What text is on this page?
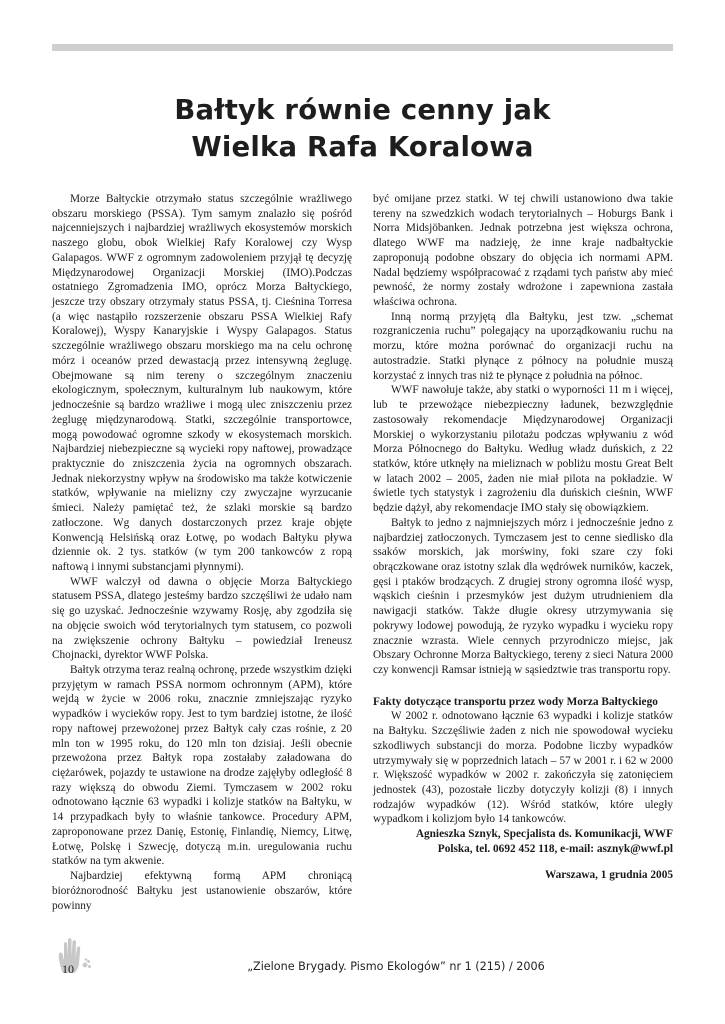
Bałtyk równie cenny jak
Wielka Rafa Koralowa

Morze Bałtyckie otrzymało status szczególnie wrażliwego obszaru morskiego (PSSA). Tym samym znalazło się pośród najcenniejszych i najbardziej wrażliwych ekosystemów morskich naszego globu, obok Wielkiej Rafy Koralowej czy Wysp Galapagos. WWF z ogromnym zadowoleniem przyjął tę decyzję Międzynarodowej Organizacji Morskiej (IMO).Podczas ostatniego Zgromadzenia IMO, oprócz Morza Bałtyckiego, jeszcze trzy obszary otrzymały status PSSA, tj. Cieśnina Torresa (a więc nastąpiło rozszerzenie obszaru PSSA Wielkiej Rafy Koralowej), Wyspy Kanaryjskie i Wyspy Galapagos. Status szczególnie wrażliwego obszaru morskiego ma na celu ochronę mórz i oceanów przed dewastacją przez intensywną żeglugę. Obejmowane są nim tereny o szczególnym znaczeniu ekologicznym, społecznym, kulturalnym lub naukowym, które jednocześnie są bardzo wrażliwe i mogą ulec zniszczeniu przez żeglugę międzynarodową. Statki, szczególnie transportowce, mogą powodować ogromne szkody w ekosystemach morskich. Najbardziej niebezpieczne są wycieki ropy naftowej, prowadzące praktycznie do zniszczenia życia na ogromnych obszarach. Jednak niekorzystny wpływ na środowisko ma także kotwiczenie statków, wpływanie na mielizny czy zwyczajne wyrzucanie śmieci. Należy pamiętać też, że szlaki morskie są bardzo zatłoczone. Wg danych dostarczonych przez kraje objęte Konwencją Helsińską oraz Łotwę, po wodach Bałtyku pływa dziennie ok. 2 tys. statków (w tym 200 tankowców z ropą naftową i innymi substancjami płynnymi).

WWF walczył od dawna o objęcie Morza Bałtyckiego statusem PSSA, dlatego jesteśmy bardzo szczęśliwi że udało nam się go uzyskać. Jednocześnie wzywamy Rosję, aby zgodziła się na objęcie swoich wód terytorialnych tym statusem, co pozwoli na zwiększenie ochrony Bałtyku – powiedział Ireneusz Chojnacki, dyrektor WWF Polska.

Bałtyk otrzyma teraz realną ochronę, przede wszystkim dzięki przyjętym w ramach PSSA normom ochronnym (APM), które wejdą w życie w 2006 roku, znacznie zmniejszając ryzyko wypadków i wycieków ropy. Jest to tym bardziej istotne, że ilość ropy naftowej przewożonej przez Bałtyk cały czas rośnie, z 20 mln ton w 1995 roku, do 120 mln ton dzisiaj. Jeśli obecnie przewożona przez Bałtyk ropa zostałaby załadowana do ciężarówek, pojazdy te ustawione na drodze zajęłyby odległość 8 razy większą do obwodu Ziemi. Tymczasem w 2002 roku odnotowano łącznie 63 wypadki i kolizje statków na Bałtyku, w 14 przypadkach były to właśnie tankowce. Procedury APM, zaproponowane przez Danię, Estonię, Finlandię, Niemcy, Litwę, Łotwę, Polskę i Szwecję, dotyczą m.in. uregulowania ruchu statków na tym akwenie.

Najbardziej efektywną formą APM chroniącą bioróżnorodność Bałtyku jest ustanowienie obszarów, które powinny

być omijane przez statki. W tej chwili ustanowiono dwa takie tereny na szwedzkich wodach terytorialnych – Hoburgs Bank i Norra Midsjöbanken. Jednak potrzebna jest większa ochrona, dlatego WWF ma nadzieję, że inne kraje nadbałtyckie zaproponują podobne obszary do objęcia ich normami APM. Nadal będziemy współpracować z rządami tych państw aby mieć pewność, że normy zostały wdrożone i zapewniona zastała właściwa ochrona.

Inną normą przyjętą dla Bałtyku, jest tzw. „schemat rozgraniczenia ruchu” polegający na uporządkowaniu ruchu na morzu, które można porównać do organizacji ruchu na autostradzie. Statki płynące z północy na południe muszą korzystać z innych tras niż te płynące z południa na północ.

WWF nawołuje także, aby statki o wyporności 11 m i więcej, lub te przewożące niebezpieczny ładunek, bezwzględnie zastosowały rekomendacje Międzynarodowej Organizacji Morskiej o wykorzystaniu pilotażu podczas wpływaniu z wód Morza Północnego do Bałtyku. Według władz duńskich, z 22 statków, które utknęły na mieliznach w pobliżu mostu Great Belt w latach 2002 – 2005, żaden nie miał pilota na pokładzie. W świetle tych statystyk i zagrożeniu dla duńskich cieśnin, WWF będzie dążył, aby rekomendacje IMO stały się obowiązkiem.

Bałtyk to jedno z najmniejszych mórz i jednocześnie jedno z najbardziej zatłoczonych. Tymczasem jest to cenne siedlisko dla ssaków morskich, jak morświny, foki szare czy foki obrączkowane oraz istotny szlak dla wędrówek nurników, kaczek, gęsi i ptaków brodzących. Z drugiej strony ogromna ilość wysp, wąskich cieśnin i przesmyków jest dużym utrudnieniem dla nawigacji statków. Także długie okresy utrzymywania się pokrywy lodowej powodują, że ryzyko wypadku i wycieku ropy znacznie wzrasta. Wiele cennych przyrodniczo miejsc, jak Obszary Ochronne Morza Bałtyckiego, tereny z sieci Natura 2000 czy konwencji Ramsar istnieją w sąsiedztwie tras transportu ropy.

Fakty dotyczące transportu przez wody Morza Bałtyckiego

W 2002 r. odnotowano łącznie 63 wypadki i kolizje statków na Bałtyku. Szczęśliwie żaden z nich nie spowodował wycieku szkodliwych substancji do morza. Podobne liczby wypadków utrzymywały się w poprzednich latach – 57 w 2001 r. i 62 w 2000 r. Większość wypadków w 2002 r. zakończyła się zatonięciem jednostek (43), pozostałe liczby dotyczyły kolizji (8) i innych rodzajów wypadków (12). Wśród statków, które uległy wypadkom i kolizjom było 14 tankowców.

Agnieszka Sznyk, Specjalista ds. Komunikacji, WWF

Polska, tel. 0692 452 118, e-mail: asznyk@wwf.pl

Warszawa, 1 grudnia 2005

10	„Zielone Brygady. Pismo Ekologów” nr 1 (215) / 2006
